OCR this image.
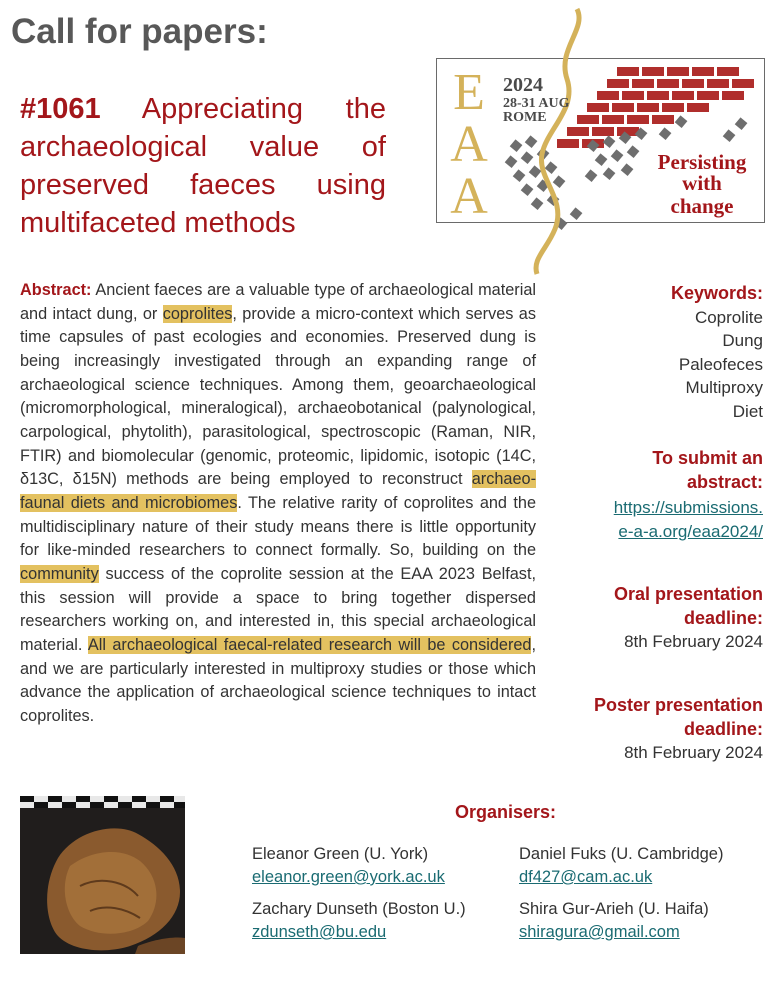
Call for papers:
#1061 Appreciating the archaeological value of preserved faeces using multifaceted methods
E
A
A
2024
28-31 AUG
ROME
Persisting
with
change
Abstract: Ancient faeces are a valuable type of archaeological material and intact dung, or coprolites, provide a micro-context which serves as time capsules of past ecologies and economies. Preserved dung is being increasingly investigated through an expanding range of archaeological science techniques. Among them, geoarchaeological (micromorphological, mineralogical), archaeobotanical (palynological, carpological, phytolith), parasitological, spectroscopic (Raman, NIR, FTIR) and biomolecular (genomic, proteomic, lipidomic, isotopic (14C, δ13C, δ15N) methods are being employed to reconstruct archaeo-faunal diets and microbiomes. The relative rarity of coprolites and the multidisciplinary nature of their study means there is little opportunity for like-minded researchers to connect formally. So, building on the community success of the coprolite session at the EAA 2023 Belfast, this session will provide a space to bring together dispersed researchers working on, and interested in, this special archaeological material. All archaeological faecal-related research will be considered, and we are particularly interested in multiproxy studies or those which advance the application of archaeological science techniques to intact coprolites.
Keywords:
Coprolite
Dung
Paleofeces
Multiproxy
Diet
To submit an
abstract:
https://submissions.
e-a-a.org/eaa2024/
Oral presentation
deadline:
8th February 2024
Poster presentation
deadline:
8th February 2024
Organisers:
Eleanor Green (U. York)
eleanor.green@york.ac.uk
Daniel Fuks (U. Cambridge)
df427@cam.ac.uk
Zachary Dunseth (Boston U.)
zdunseth@bu.edu
Shira Gur-Arieh (U. Haifa)
shiragura@gmail.com
